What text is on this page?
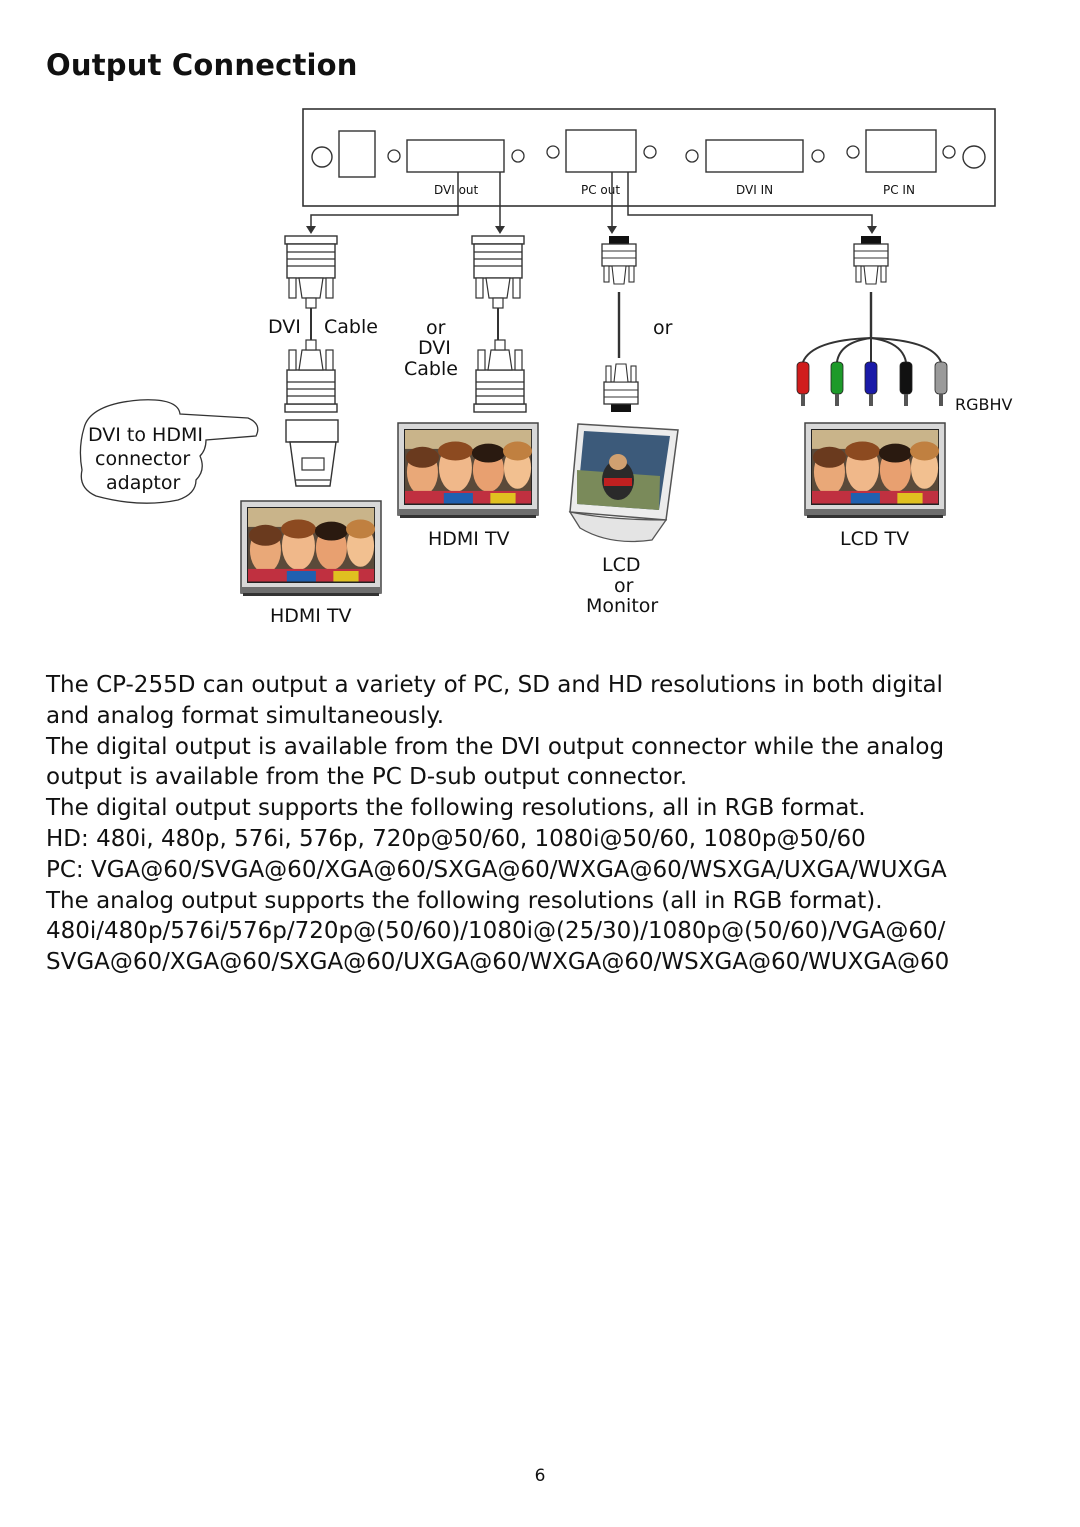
Output Connection
DVI out	PC out	DVI IN	PC IN
DVI Cable	or
DVI
Cable
or
RGBHV
DVI to HDMI
connector
adaptor
HDMI TV
HDMI TV
LCD
or
Monitor
LCD TV
The CP-255D can output a variety of PC, SD and HD resolutions in both digital
and analog format simultaneously.
The digital output is available from the DVI output connector while the analog
output is available from the PC D-sub output connector.
The digital output supports the following resolutions, all in RGB format.
HD: 480i, 480p, 576i, 576p, 720p@50/60, 1080i@50/60, 1080p@50/60
PC: VGA@60/SVGA@60/XGA@60/SXGA@60/WXGA@60/WSXGA/UXGA/WUXGA
The analog output supports the following resolutions (all in RGB format).
480i/480p/576i/576p/720p@(50/60)/1080i@(25/30)/1080p@(50/60)/VGA@60/
SVGA@60/XGA@60/SXGA@60/UXGA@60/WXGA@60/WSXGA@60/WUXGA@60
6
